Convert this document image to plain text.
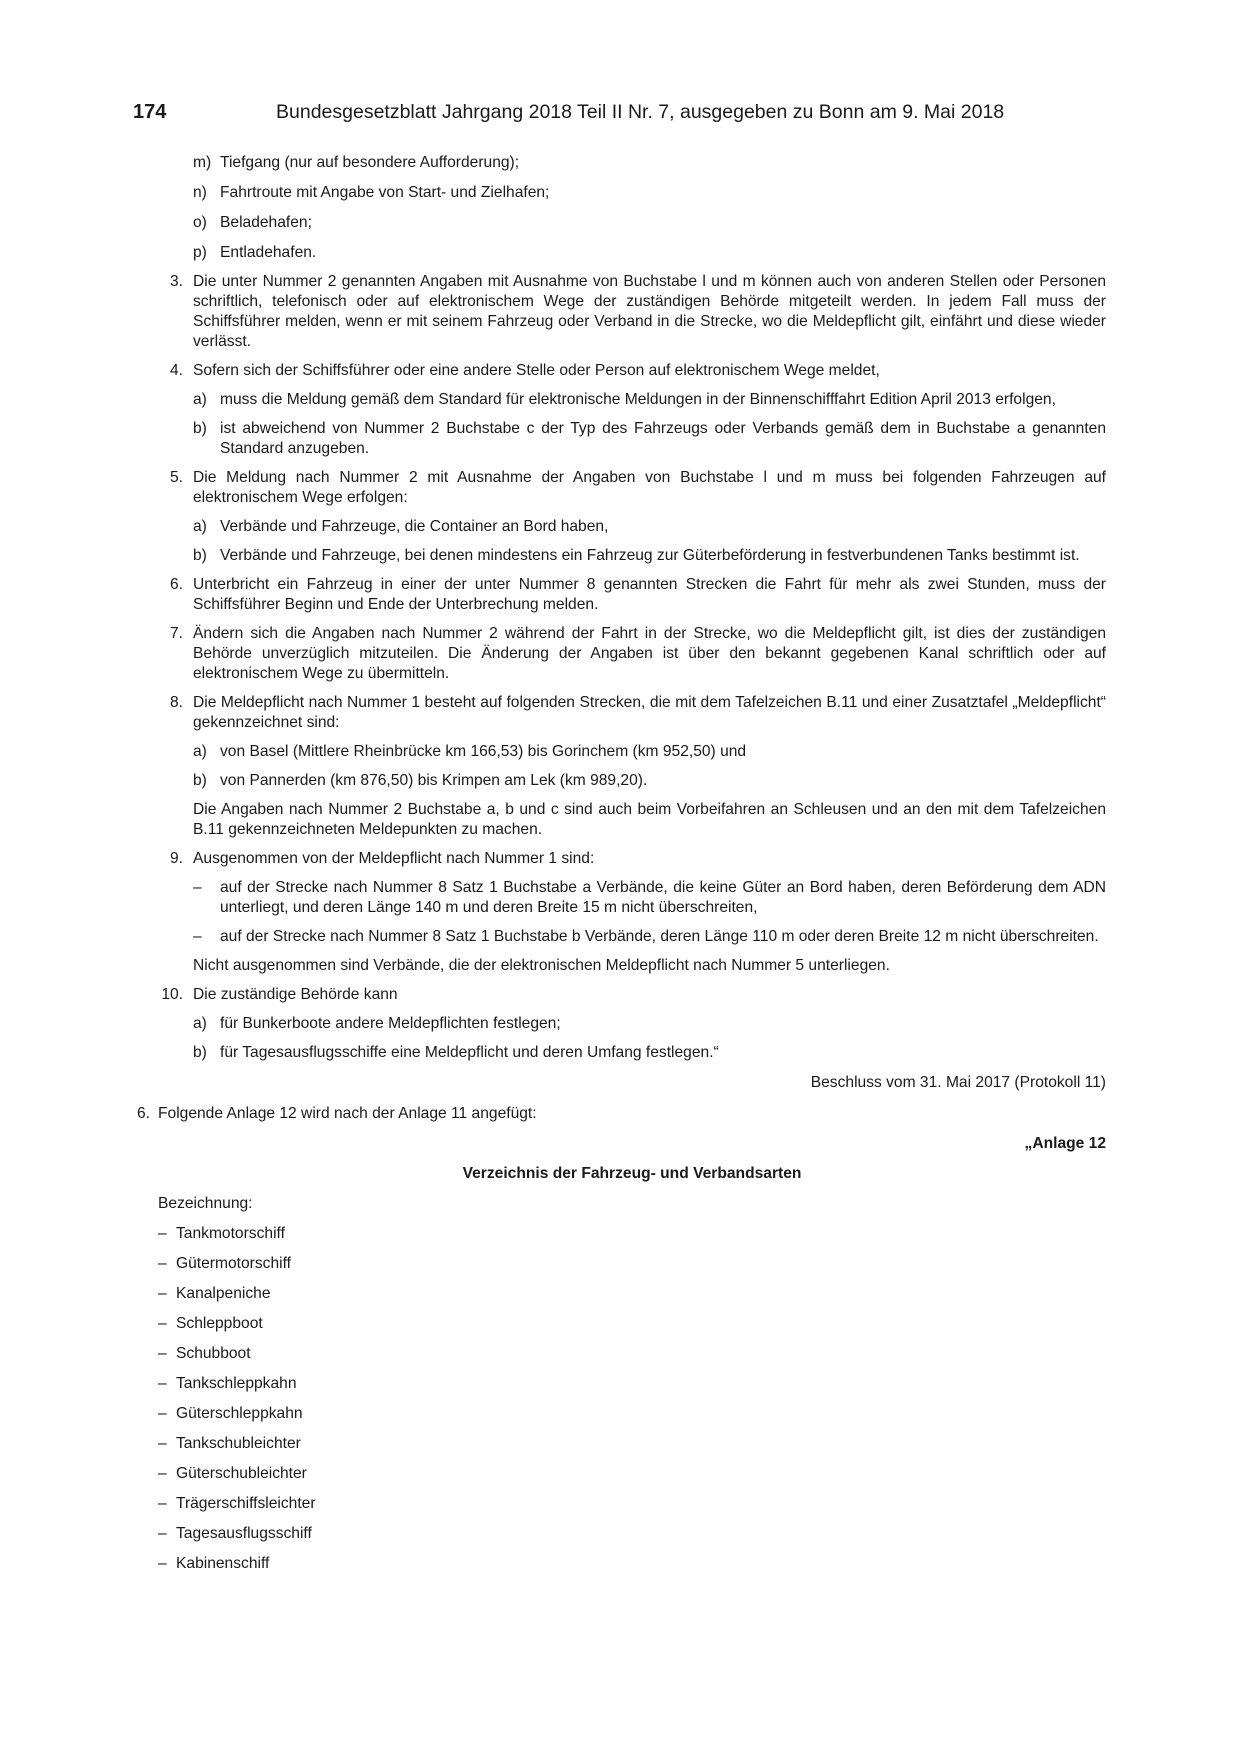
174	Bundesgesetzblatt Jahrgang 2018 Teil II Nr. 7, ausgegeben zu Bonn am 9. Mai 2018
m) Tiefgang (nur auf besondere Aufforderung);
n) Fahrtroute mit Angabe von Start- und Zielhafen;
o) Beladehafen;
p) Entladehafen.
3. Die unter Nummer 2 genannten Angaben mit Ausnahme von Buchstabe l und m können auch von anderen Stellen oder Personen schriftlich, telefonisch oder auf elektronischem Wege der zuständigen Behörde mitgeteilt werden. In jedem Fall muss der Schiffsführer melden, wenn er mit seinem Fahrzeug oder Verband in die Strecke, wo die Meldepflicht gilt, einfährt und diese wieder verlässt.
4. Sofern sich der Schiffsführer oder eine andere Stelle oder Person auf elektronischem Wege meldet,
a) muss die Meldung gemäß dem Standard für elektronische Meldungen in der Binnenschifffahrt Edition April 2013 erfolgen,
b) ist abweichend von Nummer 2 Buchstabe c der Typ des Fahrzeugs oder Verbands gemäß dem in Buchstabe a genannten Standard anzugeben.
5. Die Meldung nach Nummer 2 mit Ausnahme der Angaben von Buchstabe l und m muss bei folgenden Fahrzeugen auf elektronischem Wege erfolgen:
a) Verbände und Fahrzeuge, die Container an Bord haben,
b) Verbände und Fahrzeuge, bei denen mindestens ein Fahrzeug zur Güterbeförderung in festverbundenen Tanks bestimmt ist.
6. Unterbricht ein Fahrzeug in einer der unter Nummer 8 genannten Strecken die Fahrt für mehr als zwei Stunden, muss der Schiffsführer Beginn und Ende der Unterbrechung melden.
7. Ändern sich die Angaben nach Nummer 2 während der Fahrt in der Strecke, wo die Meldepflicht gilt, ist dies der zuständigen Behörde unverzüglich mitzuteilen. Die Änderung der Angaben ist über den bekannt gegebenen Kanal schriftlich oder auf elektronischem Wege zu übermitteln.
8. Die Meldepflicht nach Nummer 1 besteht auf folgenden Strecken, die mit dem Tafelzeichen B.11 und einer Zusatztafel „Meldepflicht“ gekennzeichnet sind:
a) von Basel (Mittlere Rheinbrücke km 166,53) bis Gorinchem (km 952,50) und
b) von Pannerden (km 876,50) bis Krimpen am Lek (km 989,20).
Die Angaben nach Nummer 2 Buchstabe a, b und c sind auch beim Vorbeifahren an Schleusen und an den mit dem Tafelzeichen B.11 gekennzeichneten Meldepunkten zu machen.
9. Ausgenommen von der Meldepflicht nach Nummer 1 sind:
– auf der Strecke nach Nummer 8 Satz 1 Buchstabe a Verbände, die keine Güter an Bord haben, deren Beförderung dem ADN unterliegt, und deren Länge 140 m und deren Breite 15 m nicht überschreiten,
– auf der Strecke nach Nummer 8 Satz 1 Buchstabe b Verbände, deren Länge 110 m oder deren Breite 12 m nicht überschreiten.
Nicht ausgenommen sind Verbände, die der elektronischen Meldepflicht nach Nummer 5 unterliegen.
10. Die zuständige Behörde kann
a) für Bunkerboote andere Meldepflichten festlegen;
b) für Tagesausflugsschiffe eine Meldepflicht und deren Umfang festlegen.“
Beschluss vom 31. Mai 2017 (Protokoll 11)
6. Folgende Anlage 12 wird nach der Anlage 11 angefügt:
„Anlage 12
Verzeichnis der Fahrzeug- und Verbandsarten
Bezeichnung:
– Tankmotorschiff
– Gütermotorschiff
– Kanalpeniche
– Schleppboot
– Schubboot
– Tankschleppkahn
– Güterschleppkahn
– Tankschubleichter
– Güterschubleichter
– Trägerschiffsleichter
– Tagesausflugsschiff
– Kabinenschiff
